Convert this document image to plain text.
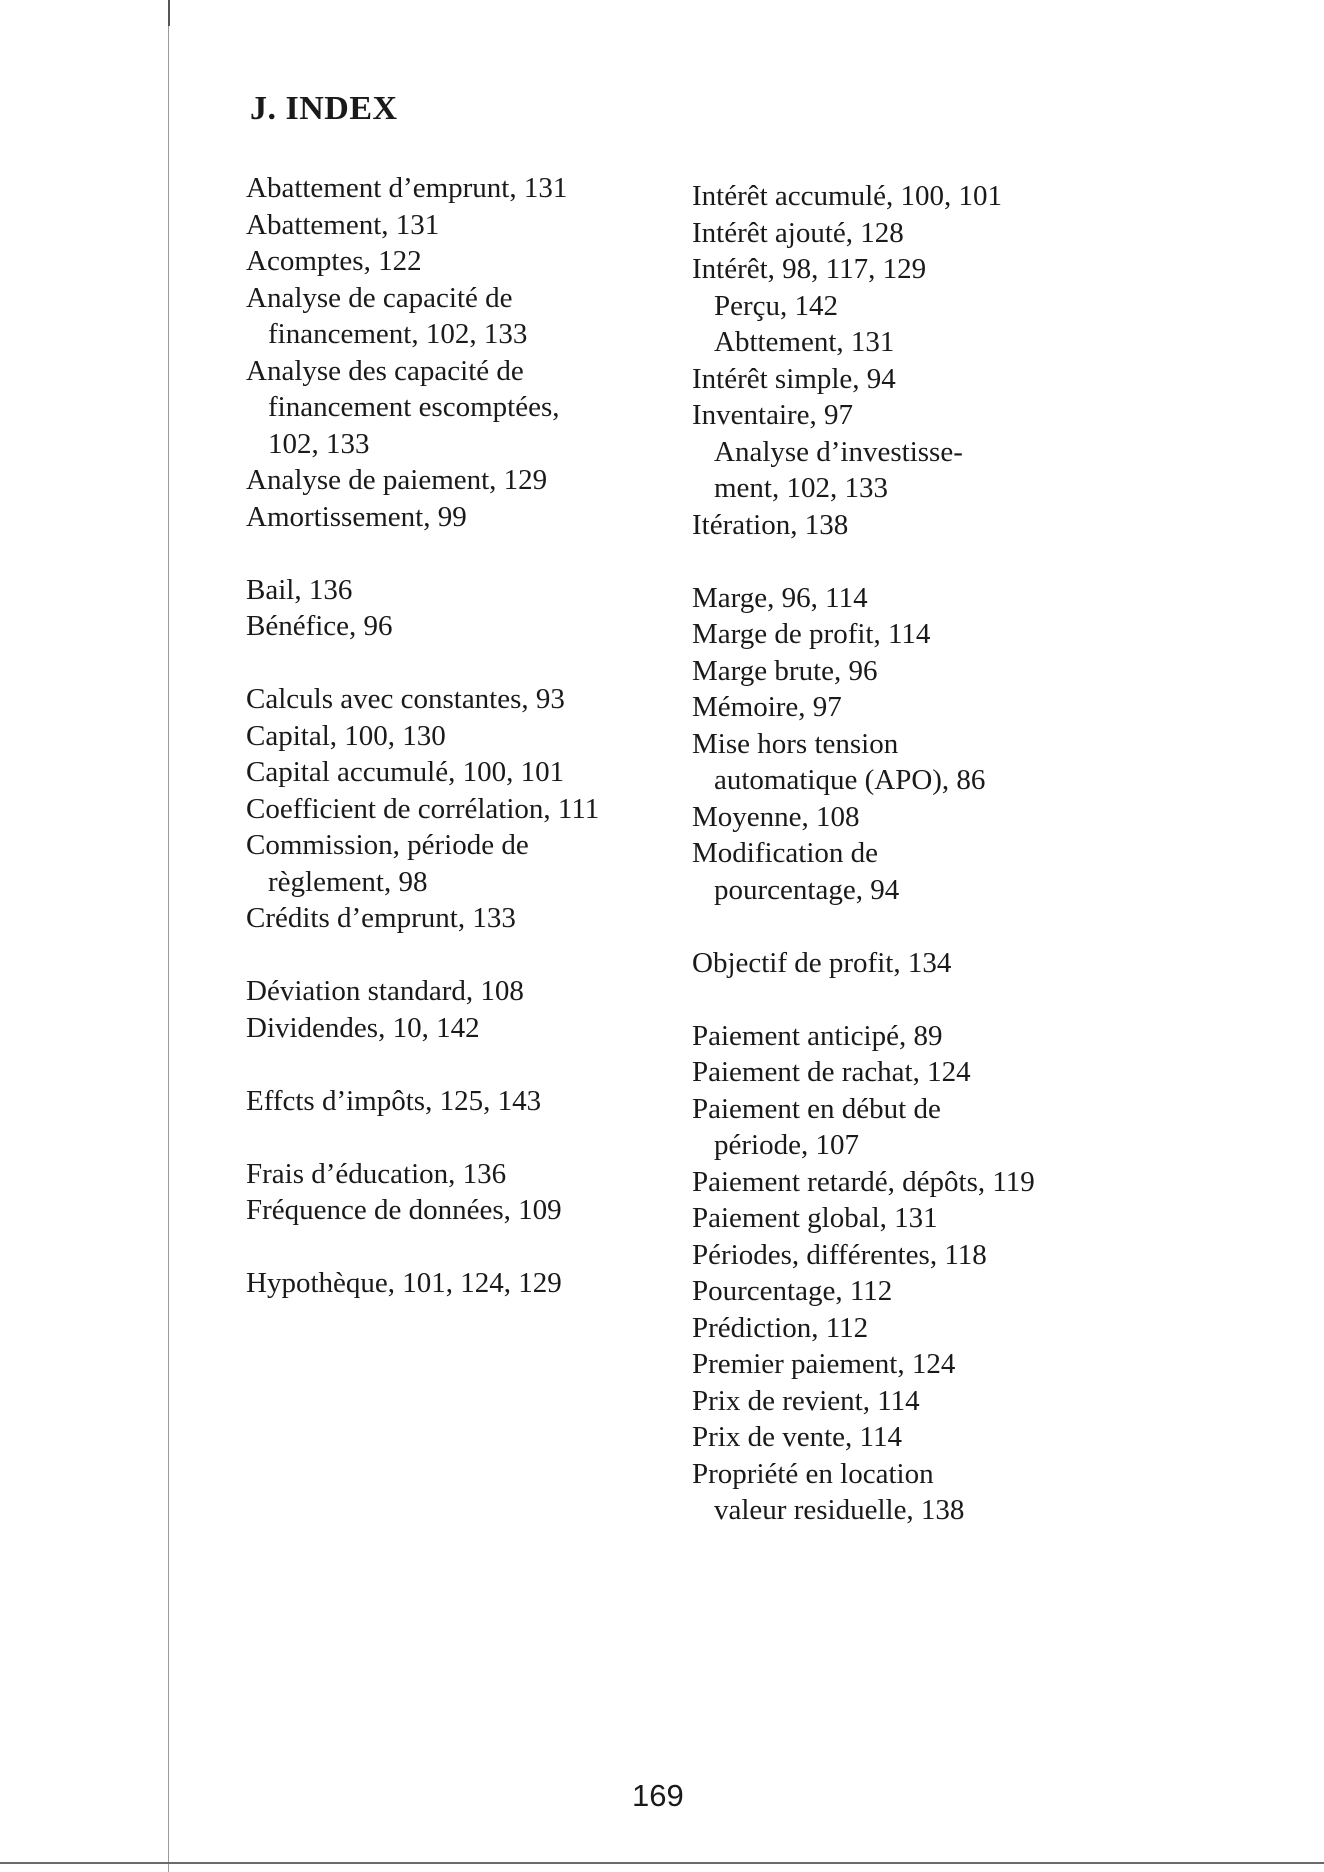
J. INDEX
Abattement d’emprunt, 131
Abattement, 131
Acomptes, 122
Analyse de capacité de
financement, 102, 133
Analyse des capacité de
financement escomptées,
102, 133
Analyse de paiement, 129
Amortissement, 99
Bail, 136
Bénéfice, 96
Calculs avec constantes, 93
Capital, 100, 130
Capital accumulé, 100, 101
Coefficient de corrélation, 111
Commission, période de
règlement, 98
Crédits d’emprunt, 133
Déviation standard, 108
Dividendes, 10, 142
Effcts d’impôts, 125, 143
Frais d’éducation, 136
Fréquence de données, 109
Hypothèque, 101, 124, 129
Intérêt accumulé, 100, 101
Intérêt ajouté, 128
Intérêt, 98, 117, 129
Perçu, 142
Abttement, 131
Intérêt simple, 94
Inventaire, 97
Analyse d’investisse-
ment, 102, 133
Itération, 138
Marge, 96, 114
Marge de profit, 114
Marge brute, 96
Mémoire, 97
Mise hors tension
automatique (APO), 86
Moyenne, 108
Modification de
pourcentage, 94
Objectif de profit, 134
Paiement anticipé, 89
Paiement de rachat, 124
Paiement en début de
période, 107
Paiement retardé, dépôts, 119
Paiement global, 131
Périodes, différentes, 118
Pourcentage, 112
Prédiction, 112
Premier paiement, 124
Prix de revient, 114
Prix de vente, 114
Propriété en location
valeur residuelle, 138
169
